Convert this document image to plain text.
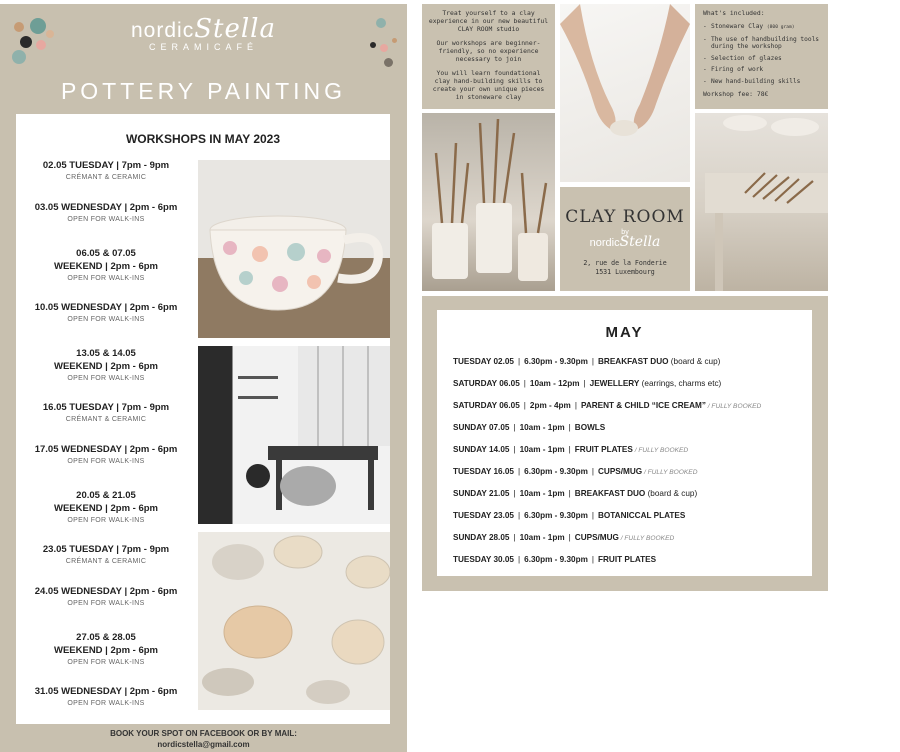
nordicStella
CERAMICAFÉ
POTTERY PAINTING
WORKSHOPS IN MAY 2023
02.05 TUESDAY | 7pm - 9pm
CRÉMANT & CERAMIC
03.05 WEDNESDAY | 2pm - 6pm
OPEN FOR WALK-INS
06.05 & 07.05
WEEKEND | 2pm - 6pm
OPEN FOR WALK-INS
10.05 WEDNESDAY | 2pm - 6pm
OPEN FOR WALK-INS
13.05 & 14.05
WEEKEND | 2pm - 6pm
OPEN FOR WALK-INS
16.05 TUESDAY | 7pm - 9pm
CRÉMANT & CERAMIC
17.05 WEDNESDAY | 2pm - 6pm
OPEN FOR WALK-INS
20.05 & 21.05
WEEKEND | 2pm - 6pm
OPEN FOR WALK-INS
23.05 TUESDAY | 7pm - 9pm
CRÉMANT & CERAMIC
24.05 WEDNESDAY | 2pm - 6pm
OPEN FOR WALK-INS
27.05 & 28.05
WEEKEND | 2pm - 6pm
OPEN FOR WALK-INS
31.05 WEDNESDAY | 2pm - 6pm
OPEN FOR WALK-INS
BOOK YOUR SPOT ON FACEBOOK OR BY MAIL:
nordicstella@gmail.com

Treat yourself to a clay experience in our new beautiful CLAY ROOM studio

Our workshops are beginner-friendly, so no experience necessary to join

You will learn foundational clay hand-building skills to create your own unique pieces in stoneware clay

What's included:
- Stoneware Clay (800 gram)
- The use of handbuilding tools during the workshop
- Selection of glazes
- Firing of work
- New hand-building skills
Workshop fee: 78€
CLAY ROOM
by
nordicStella
2, rue de la Fonderie
1531 Luxembourg
MAY
TUESDAY 02.05 | 6.30pm - 9.30pm | BREAKFAST DUO (board & cup)
SATURDAY 06.05 | 10am - 12pm | JEWELLERY (earrings, charms etc)
SATURDAY 06.05 | 2pm - 4pm | PARENT & CHILD “ICE CREAM” / FULLY BOOKED
SUNDAY 07.05 | 10am - 1pm | BOWLS
SUNDAY 14.05 | 10am - 1pm | FRUIT PLATES / FULLY BOOKED
TUESDAY 16.05 | 6.30pm - 9.30pm | CUPS/MUG / FULLY BOOKED
SUNDAY 21.05 | 10am - 1pm | BREAKFAST DUO (board & cup)
TUESDAY 23.05 | 6.30pm - 9.30pm | BOTANICCAL PLATES
SUNDAY 28.05 | 10am - 1pm | CUPS/MUG / FULLY BOOKED
TUESDAY 30.05 | 6.30pm - 9.30pm | FRUIT PLATES
